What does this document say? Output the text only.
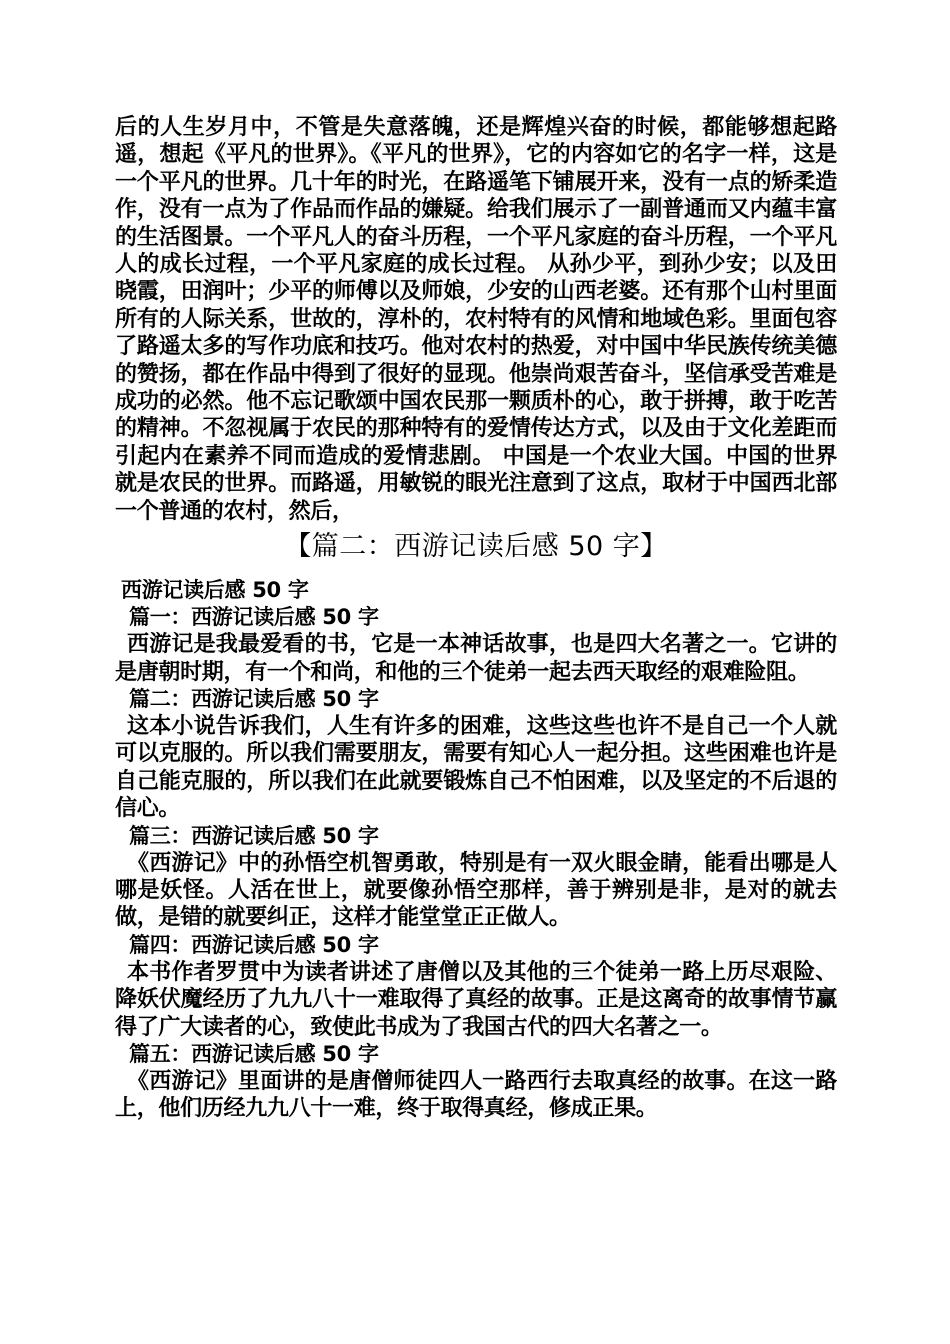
后的人生岁月中，不管是失意落魄，还是辉煌兴奋的时候，都能够想起路遥，想起《平凡的世界》。《平凡的世界》，它的内容如它的名字一样，这是一个平凡的世界。几十年的时光，在路遥笔下铺展开来，没有一点的矫柔造作，没有一点为了作品而作品的嫌疑。给我们展示了一副普通而又内蕴丰富的生活图景。一个平凡人的奋斗历程，一个平凡家庭的奋斗历程，一个平凡人的成长过程，一个平凡家庭的成长过程。 从孙少平，到孙少安；以及田晓霞，田润叶；少平的师傅以及师娘，少安的山西老婆。还有那个山村里面所有的人际关系，世故的，淳朴的，农村特有的风情和地域色彩。里面包容了路遥太多的写作功底和技巧。他对农村的热爱，对中国中华民族传统美德的赞扬，都在作品中得到了很好的显现。他崇尚艰苦奋斗，坚信承受苦难是成功的必然。他不忘记歌颂中国农民那一颗质朴的心，敢于拼搏，敢于吃苦的精神。不忽视属于农民的那种特有的爱情传达方式，以及由于文化差距而引起内在素养不同而造成的爱情悲剧。 中国是一个农业大国。中国的世界就是农民的世界。而路遥，用敏锐的眼光注意到了这点，取材于中国西北部一个普通的农村，然后，

【篇二：西游记读后感 50 字】
西游记读后感 50 字
篇一：西游记读后感 50 字

西游记是我最爱看的书，它是一本神话故事，也是四大名著之一。它讲的是唐朝时期，有一个和尚，和他的三个徒弟一起去西天取经的艰难险阻。

篇二：西游记读后感 50 字

这本小说告诉我们，人生有许多的困难，这些这些也许不是自己一个人就可以克服的。所以我们需要朋友，需要有知心人一起分担。这些困难也许是自己能克服的，所以我们在此就要锻炼自己不怕困难，以及坚定的不后退的信心。

篇三：西游记读后感 50 字

《西游记》中的孙悟空机智勇敢，特别是有一双火眼金睛，能看出哪是人哪是妖怪。人活在世上，就要像孙悟空那样，善于辨别是非，是对的就去做，是错的就要纠正，这样才能堂堂正正做人。

篇四：西游记读后感 50 字

本书作者罗贯中为读者讲述了唐僧以及其他的三个徒弟一路上历尽艰险、降妖伏魔经历了九九八十一难取得了真经的故事。正是这离奇的故事情节赢得了广大读者的心，致使此书成为了我国古代的四大名著之一。

篇五：西游记读后感 50 字

《西游记》里面讲的是唐僧师徒四人一路西行去取真经的故事。在这一路上，他们历经九九八十一难，终于取得真经，修成正果。
